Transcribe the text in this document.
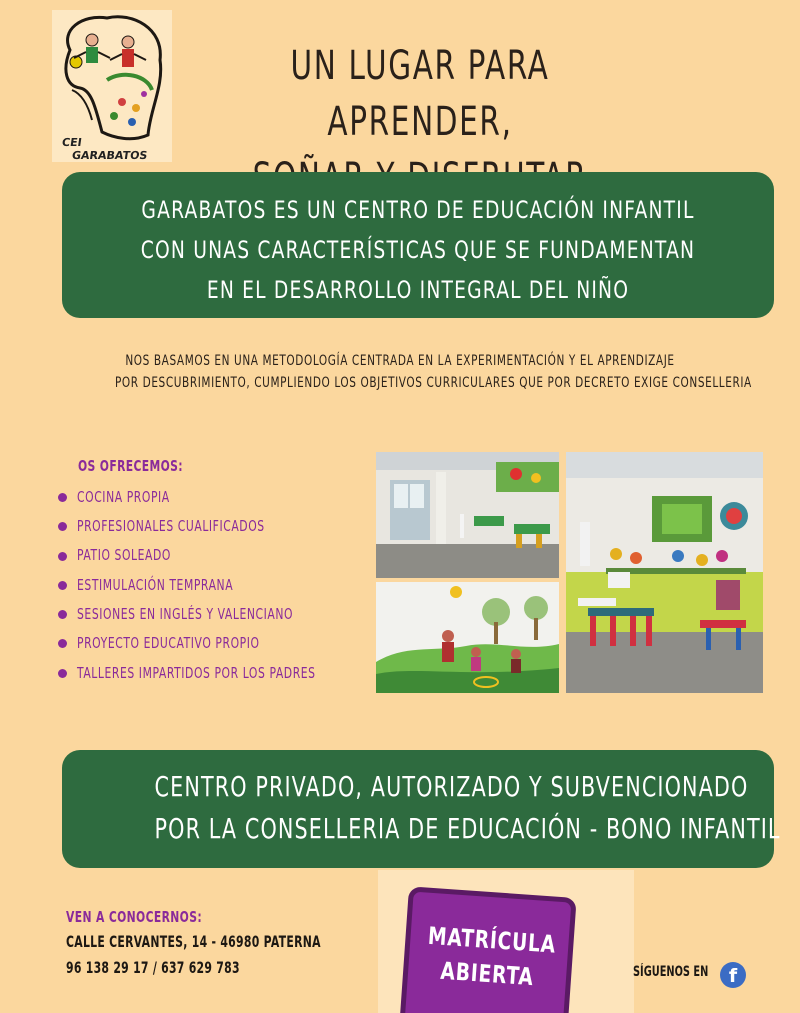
CEI
GARABATOS
UN LUGAR PARA APRENDER,
GARABATOS ES UN CENTRO DE EDUCACIÓN INFANTIL
CON UNAS CARACTERÍSTICAS QUE SE FUNDAMENTAN
EN EL DESARROLLO INTEGRAL DEL NIÑO
NOS BASAMOS EN UNA METODOLOGÍA CENTRADA EN LA EXPERIMENTACIÓN Y EL APRENDIZAJE
POR DESCUBRIMIENTO, CUMPLIENDO LOS OBJETIVOS CURRICULARES QUE POR DECRETO EXIGE CONSELLERIA
OS OFRECEMOS:
COCINA PROPIA
PROFESIONALES CUALIFICADOS
PATIO SOLEADO
ESTIMULACIÓN TEMPRANA
SESIONES EN INGLÉS Y VALENCIANO
PROYECTO EDUCATIVO PROPIO
TALLERES IMPARTIDOS POR LOS PADRES
CENTRO PRIVADO, AUTORIZADO Y SUBVENCIONADO
POR LA CONSELLERIA DE EDUCACIÓN - BONO INFANTIL
VEN A CONOCERNOS:
CALLE CERVANTES, 14 - 46980 PATERNA
96 138 29 17 / 637 629 783
MATRÍCULA
ABIERTA	SÍGUENOS EN	f
